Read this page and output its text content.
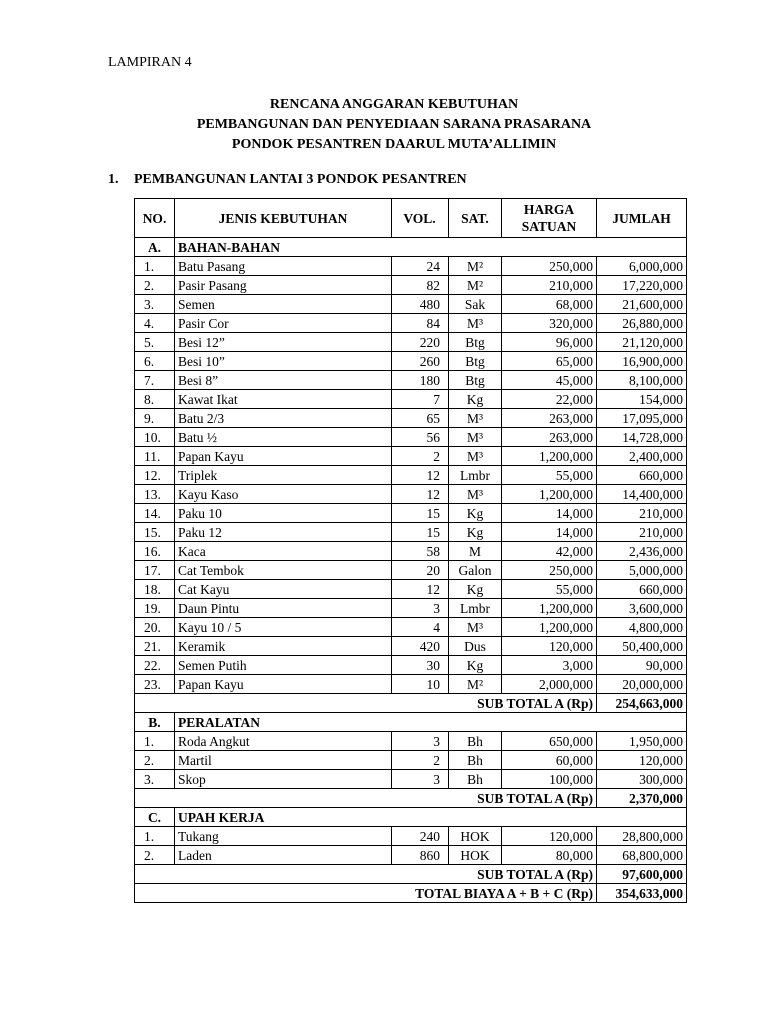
LAMPIRAN 4
RENCANA ANGGARAN KEBUTUHAN
PEMBANGUNAN DAN PENYEDIAAN SARANA PRASARANA
PONDOK PESANTREN DAARUL MUTA’ALLIMIN
1. PEMBANGUNAN LANTAI 3 PONDOK PESANTREN
NO.	JENIS KEBUTUHAN	VOL.	SAT.	HARGA SATUAN	JUMLAH
A.	BAHAN-BAHAN				
1.	Batu Pasang	24	M²	250,000	6,000,000
2.	Pasir Pasang	82	M²	210,000	17,220,000
3.	Semen	480	Sak	68,000	21,600,000
4.	Pasir Cor	84	M³	320,000	26,880,000
5.	Besi 12”	220	Btg	96,000	21,120,000
6.	Besi 10”	260	Btg	65,000	16,900,000
7.	Besi 8”	180	Btg	45,000	8,100,000
8.	Kawat Ikat	7	Kg	22,000	154,000
9.	Batu 2/3	65	M³	263,000	17,095,000
10.	Batu ½	56	M³	263,000	14,728,000
11.	Papan Kayu	2	M³	1,200,000	2,400,000
12.	Triplek	12	Lmbr	55,000	660,000
13.	Kayu Kaso	12	M³	1,200,000	14,400,000
14.	Paku 10	15	Kg	14,000	210,000
15.	Paku 12	15	Kg	14,000	210,000
16.	Kaca	58	M	42,000	2,436,000
17.	Cat Tembok	20	Galon	250,000	5,000,000
18.	Cat Kayu	12	Kg	55,000	660,000
19.	Daun Pintu	3	Lmbr	1,200,000	3,600,000
20.	Kayu 10 / 5	4	M³	1,200,000	4,800,000
21.	Keramik	420	Dus	120,000	50,400,000
22.	Semen Putih	30	Kg	3,000	90,000
23.	Papan Kayu	10	M²	2,000,000	20,000,000
SUB TOTAL A (Rp)					254,663,000
B.	PERALATAN				
1.	Roda Angkut	3	Bh	650,000	1,950,000
2.	Martil	2	Bh	60,000	120,000
3.	Skop	3	Bh	100,000	300,000
SUB TOTAL A (Rp)					2,370,000
C.	UPAH KERJA				
1.	Tukang	240	HOK	120,000	28,800,000
2.	Laden	860	HOK	80,000	68,800,000
SUB TOTAL A (Rp)					97,600,000
TOTAL BIAYA A + B + C (Rp)					354,633,000
